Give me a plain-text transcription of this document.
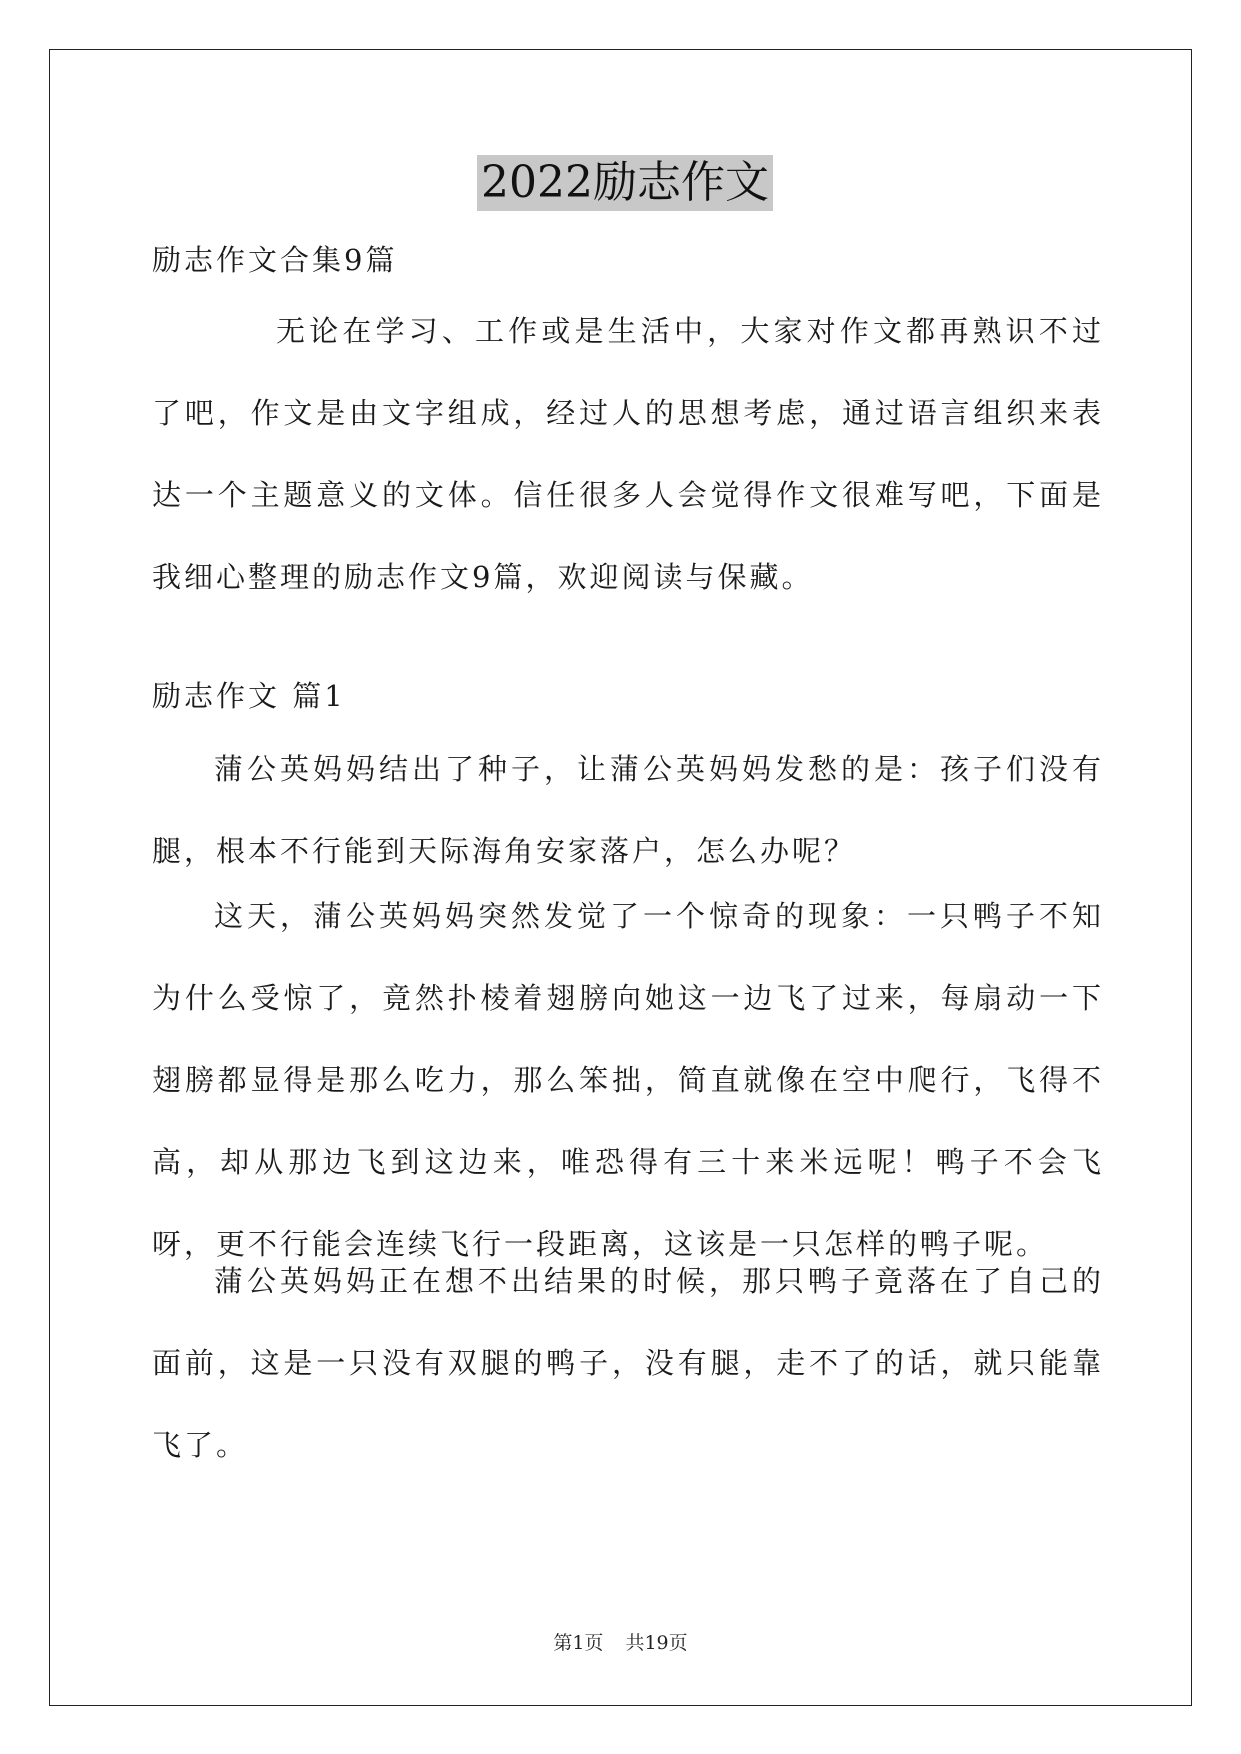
2022励志作文
励志作文合集9篇

无论在学习、工作或是生活中，大家对作文都再熟识不过了吧，作文是由文字组成，经过人的思想考虑，通过语言组织来表达一个主题意义的文体。信任很多人会觉得作文很难写吧，下面是我细心整理的励志作文9篇，欢迎阅读与保藏。

励志作文 篇1

蒲公英妈妈结出了种子，让蒲公英妈妈发愁的是：孩子们没有腿，根本不行能到天际海角安家落户，怎么办呢？

这天，蒲公英妈妈突然发觉了一个惊奇的现象：一只鸭子不知为什么受惊了，竟然扑棱着翅膀向她这一边飞了过来，每扇动一下翅膀都显得是那么吃力，那么笨拙，简直就像在空中爬行，飞得不高，却从那边飞到这边来，唯恐得有三十来米远呢！鸭子不会飞呀，更不行能会连续飞行一段距离，这该是一只怎样的鸭子呢。

蒲公英妈妈正在想不出结果的时候，那只鸭子竟落在了自己的面前，这是一只没有双腿的鸭子，没有腿，走不了的话，就只能靠飞了。

第1页 共19页
